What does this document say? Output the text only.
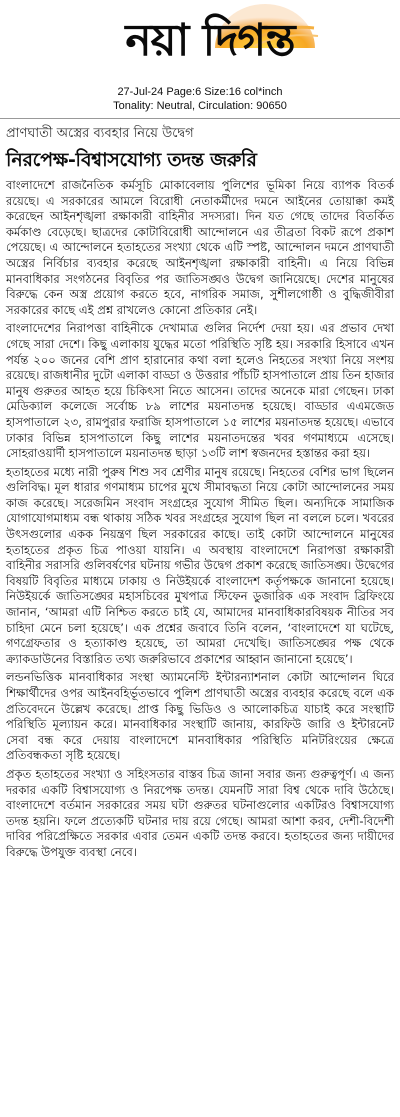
নয়া দিগন্ত
27-Jul-24 Page:6 Size:16 col*inch
Tonality: Neutral, Circulation: 90650
প্রাণঘাতী অস্ত্রের ব্যবহার নিয়ে উদ্বেগ
নিরপেক্ষ-বিশ্বাসযোগ্য তদন্ত জরুরি

বাংলাদেশে রাজনৈতিক কর্মসূচি মোকাবেলায় পুলিশের ভূমিকা নিয়ে ব্যাপক বিতর্ক রয়েছে। এ সরকারের আমলে বিরোধী নেতাকর্মীদের দমনে আইনের তোয়াক্কা কমই করেছেন আইনশৃঙ্খলা রক্ষাকারী বাহিনীর সদস্যরা। দিন যত গেছে তাদের বিতর্কিত কর্মকাণ্ড বেড়েছে। ছাত্রদের কোটাবিরোধী আন্দোলনে এর তীব্রতা বিকট রূপে প্রকাশ পেয়েছে। এ আন্দোলনে হতাহতের সংখ্যা থেকে এটি স্পষ্ট, আন্দোলন দমনে প্রাণঘাতী অস্ত্রের নির্বিচার ব্যবহার করেছে আইনশৃঙ্খলা রক্ষাকারী বাহিনী। এ নিয়ে বিভিন্ন মানবাধিকার সংগঠনের বিবৃতির পর জাতিসঙ্ঘও উদ্বেগ জানিয়েছে। দেশের মানুষের বিরুদ্ধে কেন অস্ত্র প্রয়োগ করতে হবে, নাগরিক সমাজ, সুশীলগোষ্ঠী ও বুদ্ধিজীবীরা সরকারের কাছে এই প্রশ্ন রাখলেও কোনো প্রতিকার নেই।

বাংলাদেশের নিরাপত্তা বাহিনীকে দেখামাত্র গুলির নির্দেশ দেয়া হয়। এর প্রভাব দেখা গেছে সারা দেশে। কিছু এলাকায় যুদ্ধের মতো পরিস্থিতি সৃষ্টি হয়। সরকারি হিসাবে এখন পর্যন্ত ২০০ জনের বেশি প্রাণ হারানোর কথা বলা হলেও নিহতের সংখ্যা নিয়ে সংশয় রয়েছে। রাজধানীর দুটো এলাকা বাড্ডা ও উত্তরার পাঁচটি হাসপাতালে প্রায় তিন হাজার মানুষ গুরুতর আহত হয়ে চিকিৎসা নিতে আসেন। তাদের অনেকে মারা গেছেন। ঢাকা মেডিক্যাল কলেজে সর্বোচ্চ ৮৯ লাশের ময়নাতদন্ত হয়েছে। বাড্ডার এএমজেড হাসপাতালে ২৩, রামপুরার ফরাজি হাসপাতালে ১৫ লাশের ময়নাতদন্ত হয়েছে। এভাবে ঢাকার বিভিন্ন হাসপাতালে কিছু লাশের ময়নাতদন্তের খবর গণমাধ্যমে এসেছে। সোহরাওয়ার্দী হাসপাতালে ময়নাতদন্ত ছাড়া ১৩টি লাশ স্বজনদের হস্তান্তর করা হয়।

হতাহতের মধ্যে নারী পুরুষ শিশু সব শ্রেণীর মানুষ রয়েছে। নিহতের বেশির ভাগ ছিলেন গুলিবিদ্ধ। মূল ধারার গণমাধ্যম চাপের মুখে সীমাবদ্ধতা নিয়ে কোটা আন্দোলনের সময় কাজ করেছে। সরেজমিন সংবাদ সংগ্রহের সুযোগ সীমিত ছিল। অন্যদিকে সামাজিক যোগাযোগমাধ্যম বন্ধ থাকায় সঠিক খবর সংগ্রহের সুযোগ ছিল না বললে চলে। খবরের উৎসগুলোর একক নিয়ন্ত্রণ ছিল সরকারের কাছে। তাই কোটা আন্দোলনে মানুষের হতাহতের প্রকৃত চিত্র পাওয়া যায়নি। এ অবস্থায় বাংলাদেশে নিরাপত্তা রক্ষাকারী বাহিনীর সরাসরি গুলিবর্ষণের ঘটনায় গভীর উদ্বেগ প্রকাশ করেছে জাতিসঙ্ঘ। উদ্বেগের বিষয়টি বিবৃতির মাধ্যমে ঢাকায় ও নিউইয়র্কে বাংলাদেশ কর্তৃপক্ষকে জানানো হয়েছে। নিউইয়র্কে জাতিসঙ্ঘের মহাসচিবের মুখপাত্র স্টিফেন ডুজারিক এক সংবাদ ব্রিফিংয়ে জানান, ‘আমরা এটি নিশ্চিত করতে চাই যে, আমাদের মানবাধিকারবিষয়ক নীতির সব চাহিদা মেনে চলা হয়েছে’। এক প্রশ্নের জবাবে তিনি বলেন, ‘বাংলাদেশে যা ঘটেছে, গণগ্রেফতার ও হত্যাকাণ্ড হয়েছে, তা আমরা দেখেছি। জাতিসঙ্ঘের পক্ষ থেকে ক্র্যাকডাউনের বিস্তারিত তথ্য জরুরিভাবে প্রকাশের আহ্বান জানানো হয়েছে’।

লন্ডনভিত্তিক মানবাধিকার সংস্থা অ্যামনেস্টি ইন্টারন্যাশনাল কোটা আন্দোলন ঘিরে শিক্ষার্থীদের ওপর আইনবহির্ভূতভাবে পুলিশ প্রাণঘাতী অস্ত্রের ব্যবহার করেছে বলে এক প্রতিবেদনে উল্লেখ করেছে। প্রাপ্ত কিছু ভিডিও ও আলোকচিত্র যাচাই করে সংস্থাটি পরিস্থিতি মূল্যায়ন করে। মানবাধিকার সংস্থাটি জানায়, কারফিউ জারি ও ইন্টারনেট সেবা বন্ধ করে দেয়ায় বাংলাদেশে মানবাধিকার পরিস্থিতি মনিটরিংয়ের ক্ষেত্রে প্রতিবন্ধকতা সৃষ্টি হয়েছে।

প্রকৃত হতাহতের সংখ্যা ও সহিংসতার বাস্তব চিত্র জানা সবার জন্য গুরুত্বপূর্ণ। এ জন্য দরকার একটি বিশ্বাসযোগ্য ও নিরপেক্ষ তদন্ত। যেমনটি সারা বিশ্ব থেকে দাবি উঠেছে। বাংলাদেশে বর্তমান সরকারের সময় ঘটা গুরুতর ঘটনাগুলোর একটিরও বিশ্বাসযোগ্য তদন্ত হয়নি। ফলে প্রত্যেকটি ঘটনার দায় রয়ে গেছে। আমরা আশা করব, দেশী-বিদেশী দাবির পরিপ্রেক্ষিতে সরকার এবার তেমন একটি তদন্ত করবে। হতাহতের জন্য দায়ীদের বিরুদ্ধে উপযুক্ত ব্যবস্থা নেবে।
